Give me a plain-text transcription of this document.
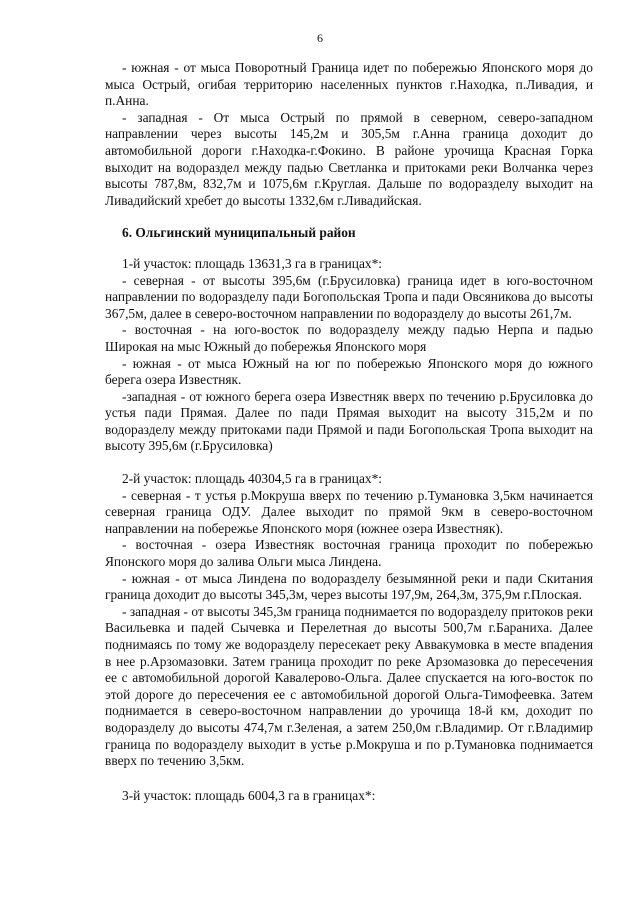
6

- южная - от мыса Поворотный Граница идет по побережью Японского моря до мыса Острый, огибая территорию населенных пунктов г.Находка, п.Ливадия, и п.Анна.

- западная - От мыса Острый по прямой в северном, северо-западном направлении через высоты 145,2м и 305,5м г.Анна граница доходит до автомобильной дороги г.Находка-г.Фокино. В районе урочища Красная Горка выходит на водораздел между падью Светланка и притоками реки Волчанка через высоты 787,8м, 832,7м и 1075,6м г.Круглая. Дальше по водоразделу выходит на Ливадийский хребет до высоты 1332,6м г.Ливадийская.

6. Ольгинский муниципальный район

1-й участок: площадь 13631,3 га в границах*:

- северная - от высоты 395,6м (г.Брусиловка) граница идет в юго-восточном направлении по водоразделу пади Богопольская Тропа и пади Овсяникова до высоты 367,5м, далее в северо-восточном направлении по водоразделу до высоты 261,7м.

- восточная - на юго-восток по водоразделу между падью Нерпа и падью Широкая на мыс Южный до побережья Японского моря

- южная - от мыса Южный на юг по побережью Японского моря до южного берега озера Известняк.

-западная - от южного берега озера Известняк вверх по течению р.Брусиловка до устья пади Прямая. Далее по пади Прямая выходит на высоту 315,2м и по водоразделу между притоками пади Прямой и пади Богопольская Тропа выходит на высоту 395,6м (г.Брусиловка)

2-й участок: площадь 40304,5 га в границах*:

- северная - т устья р.Мокруша вверх по течению р.Тумановка 3,5км начинается северная граница ОДУ. Далее выходит по прямой 9км в северо-восточном направлении на побережье Японского моря (южнее озера Известняк).

- восточная - озера Известняк восточная граница проходит по побережью Японского моря до залива Ольги мыса Линдена.

- южная - от мыса Линдена по водоразделу безымянной реки и пади Скитания граница доходит до высоты 345,3м, через высоты 197,9м, 264,3м, 375,9м г.Плоская.

- западная - от высоты 345,3м граница поднимается по водоразделу притоков реки Васильевка и падей Сычевка и Перелетная до высоты 500,7м г.Бараниха. Далее поднимаясь по тому же водоразделу пересекает реку Аввакумовка в месте впадения в нее р.Арзомазовки. Затем граница проходит по реке Арзомазовка до пересечения ее с автомобильной дорогой Кавалерово-Ольга. Далее спускается на юго-восток по этой дороге до пересечения ее с автомобильной дорогой Ольга-Тимофеевка. Затем поднимается в северо-восточном направлении до урочища 18-й км, доходит по водоразделу до высоты 474,7м г.Зеленая, а затем 250,0м г.Владимир. От г.Владимир граница по водоразделу выходит в устье р.Мокруша и по р.Тумановка поднимается вверх по течению 3,5км.

3-й участок: площадь 6004,3 га в границах*:
